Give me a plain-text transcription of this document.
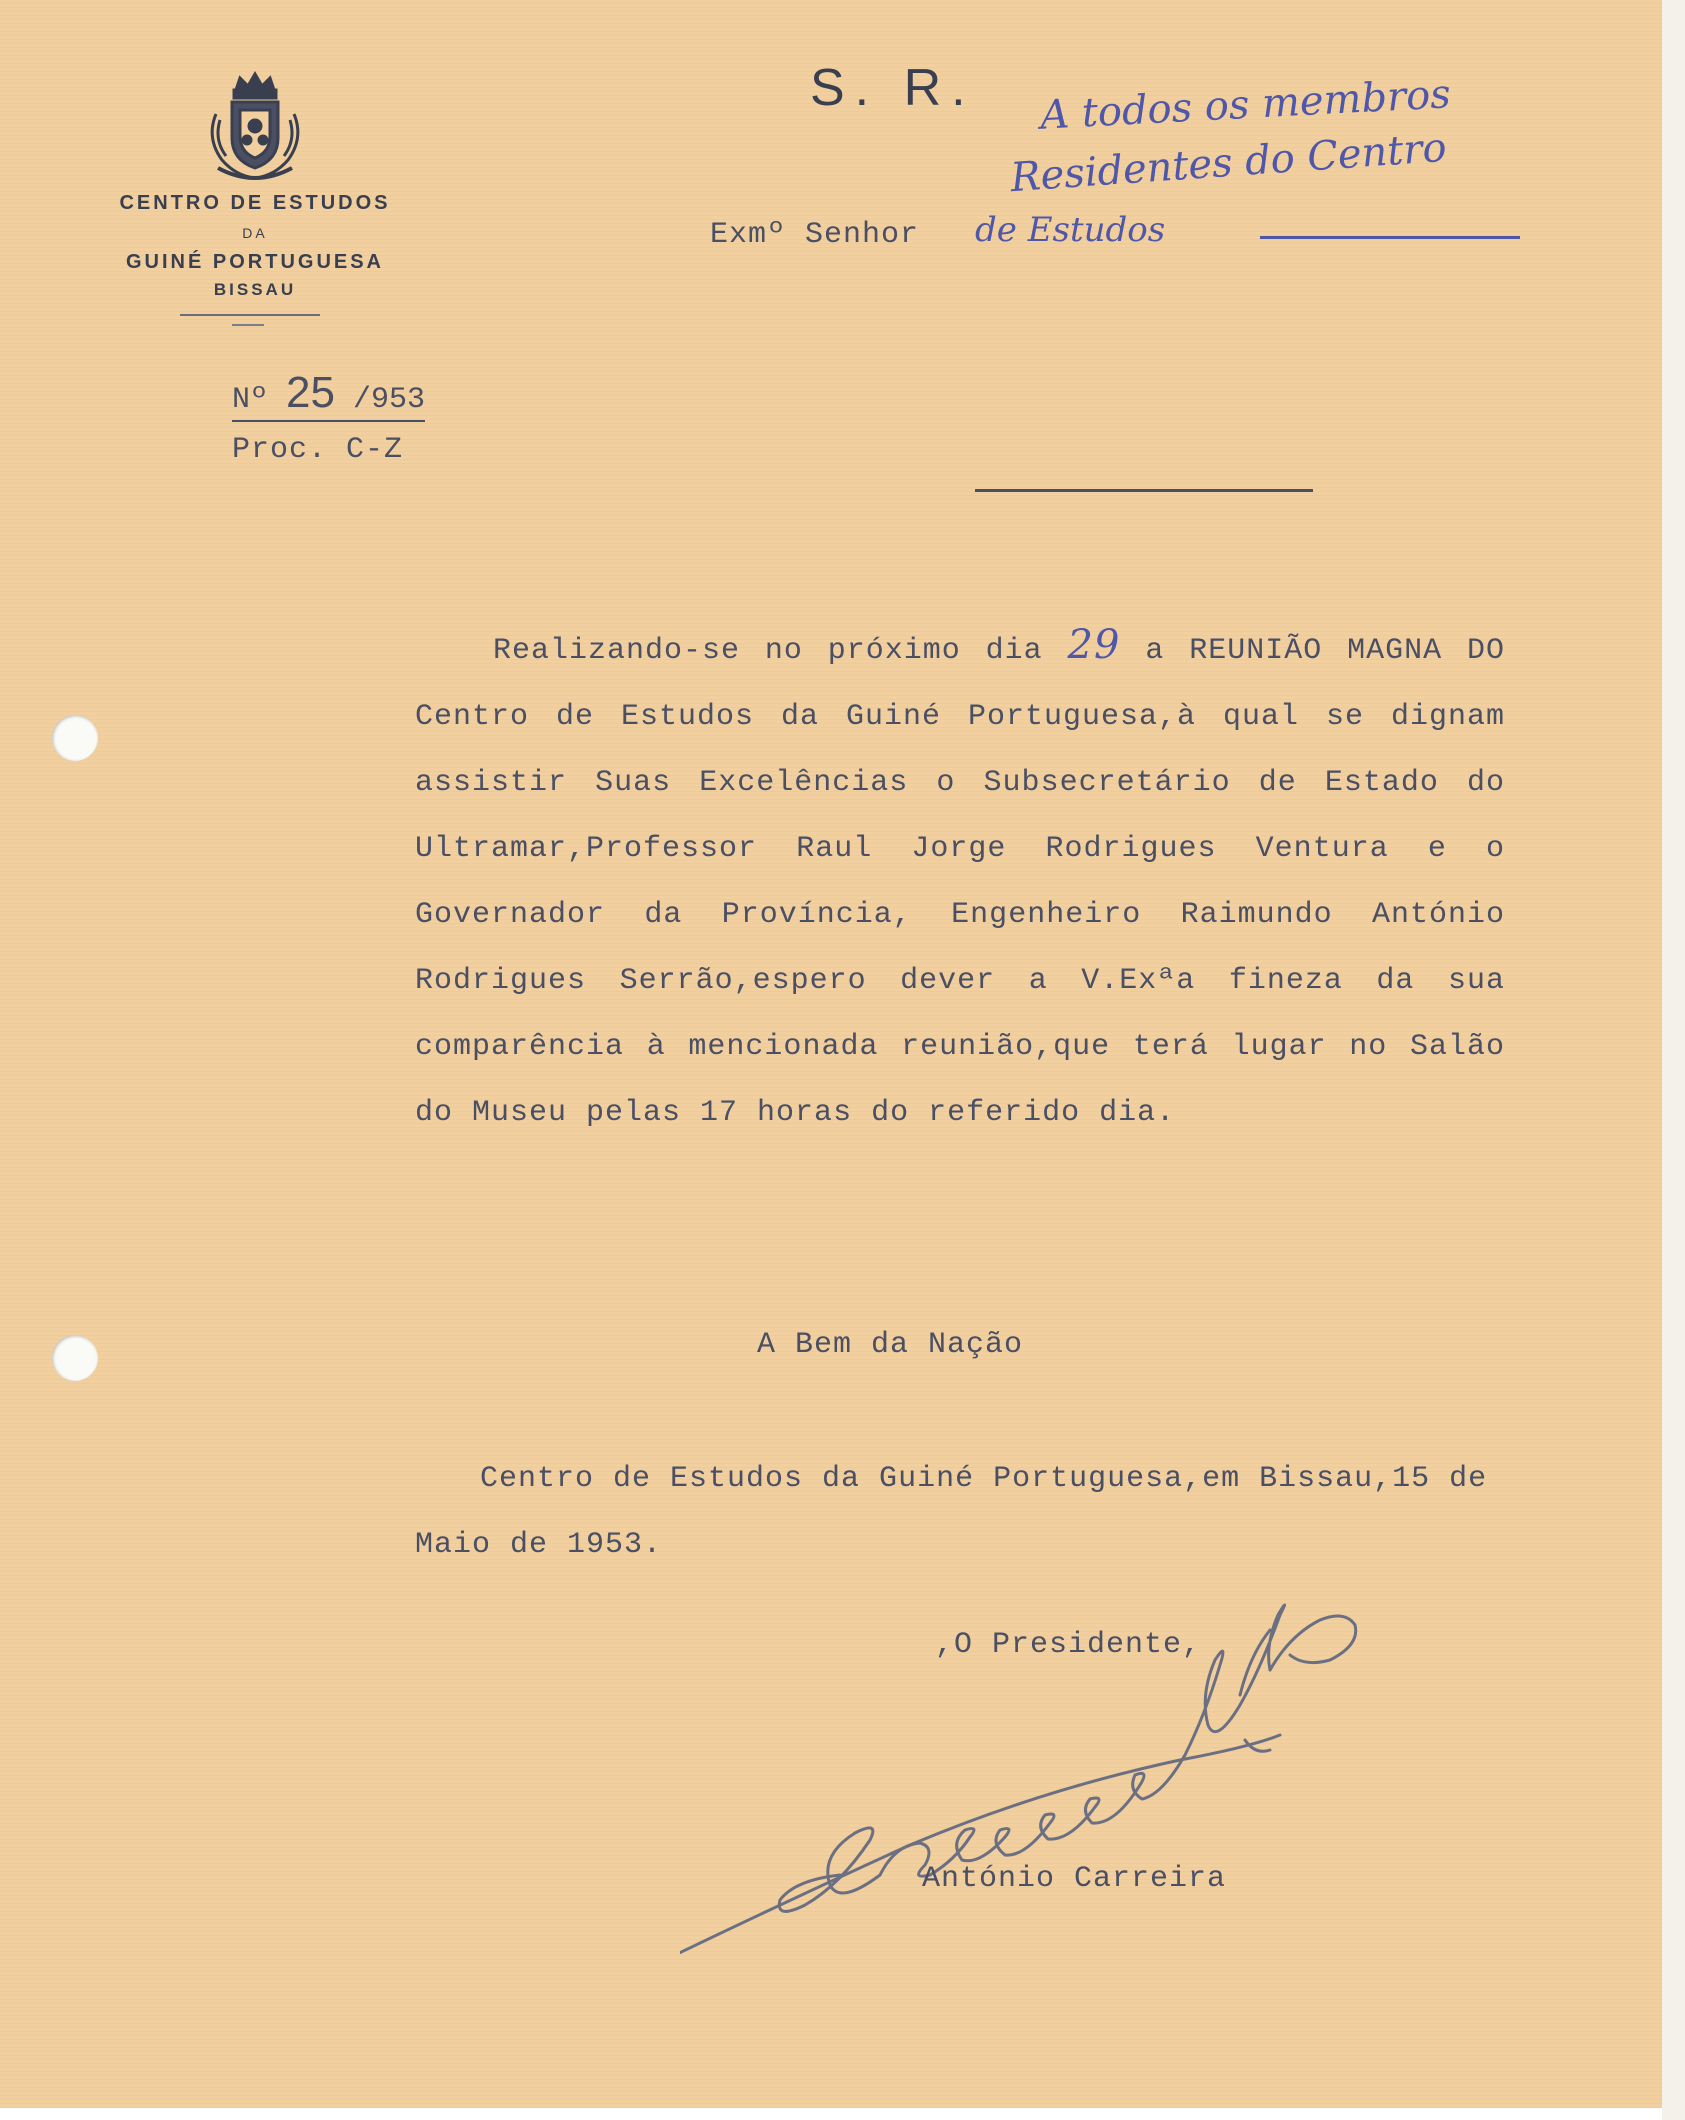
CENTRO DE ESTUDOS
DA
GUINÉ PORTUGUESA
BISSAU
Nº 25 /953
Proc. C-Z
S. R.
Exmº Senhor
A todos os membros
Residentes do Centro
de Estudos
Realizando-se no próximo dia 29 a REUNIÃO MAGNA DO Centro de Estudos da Guiné Portuguesa,à qual se dignam assistir Suas Excelências o Subsecretário de Estado do Ultramar,Professor Raul Jorge Rodrigues Ventura e o Governador da Província, Engenheiro Raimundo António Rodrigues Serrão,espero dever a V.Exªa fineza da sua comparência à mencionada reunião,que terá lugar no Salão do Museu pelas 17 horas do referido dia.
A Bem da Nação
Centro de Estudos da Guiné Portuguesa,em Bissau,15 de
Maio de 1953.
,O Presidente,
António Carreira
